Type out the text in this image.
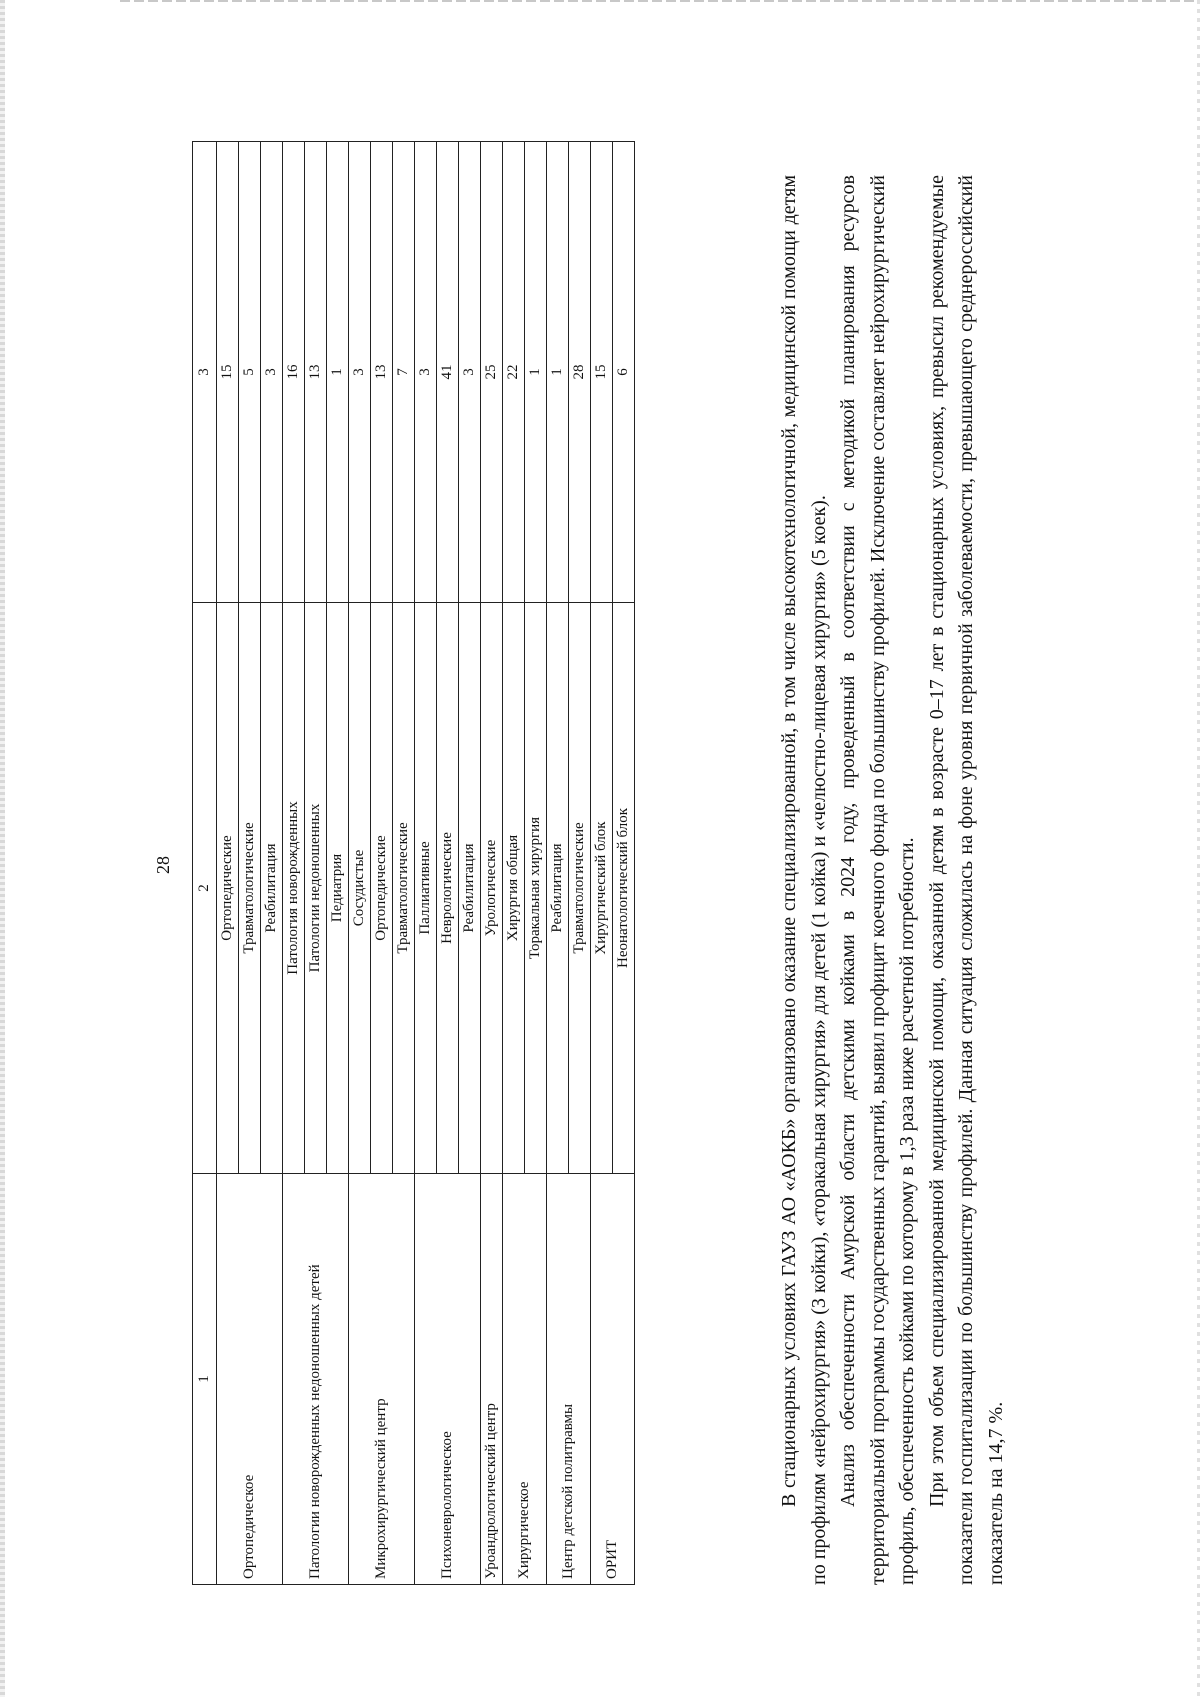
28
1	2	3
Ортопедическое	Ортопедические	15
	Травматологические	5
	Реабилитация	3
Патологии новорожденных недоношенных детей	Патология новорожденных	16
	Патологии недоношенных	13
	Педиатрия	1
Микрохирургический центр	Сосудистые	3
	Ортопедические	13
	Травматологические	7
Психоневрологическое	Паллиативные	3
	Неврологические	41
	Реабилитация	3
Уроандрологический центр	Урологические	25
Хирургическое	Хирургия общая	22
	Торакальная хирургия	1
Центр детской политравмы	Реабилитация	1
	Травматологические	28
ОРИТ	Хирургический блок	15
	Неонатологический блок	6	В стационарных условиях ГАУЗ АО «АОКБ» организовано оказание специализированной, в том числе высокотехнологичной, медицинской помощи детям по профилям «нейрохирургия» (3 койки), «торакальная хирургия» для детей (1 койка) и «челюстно-лицевая хирургия» (5 коек). Анализ обеспеченности Амурской области детскими койками в 2024 году, проведенный в соответствии с методикой планирования ресурсов территориальной программы государственных гарантий, выявил профицит коечного фонда по большинству профилей. Исключение составляет нейрохирургический профиль, обеспеченность койками по которому в 1,3 раза ниже расчетной потребности. При этом объем специализированной медицинской помощи, оказанной детям в возрасте 0–17 лет в стационарных условиях, превысил рекомендуемые показатели госпитализации по большинству профилей. Данная ситуация сложилась на фоне уровня первичной заболеваемости, превышающего среднероссийский показатель на 14,7 %.
